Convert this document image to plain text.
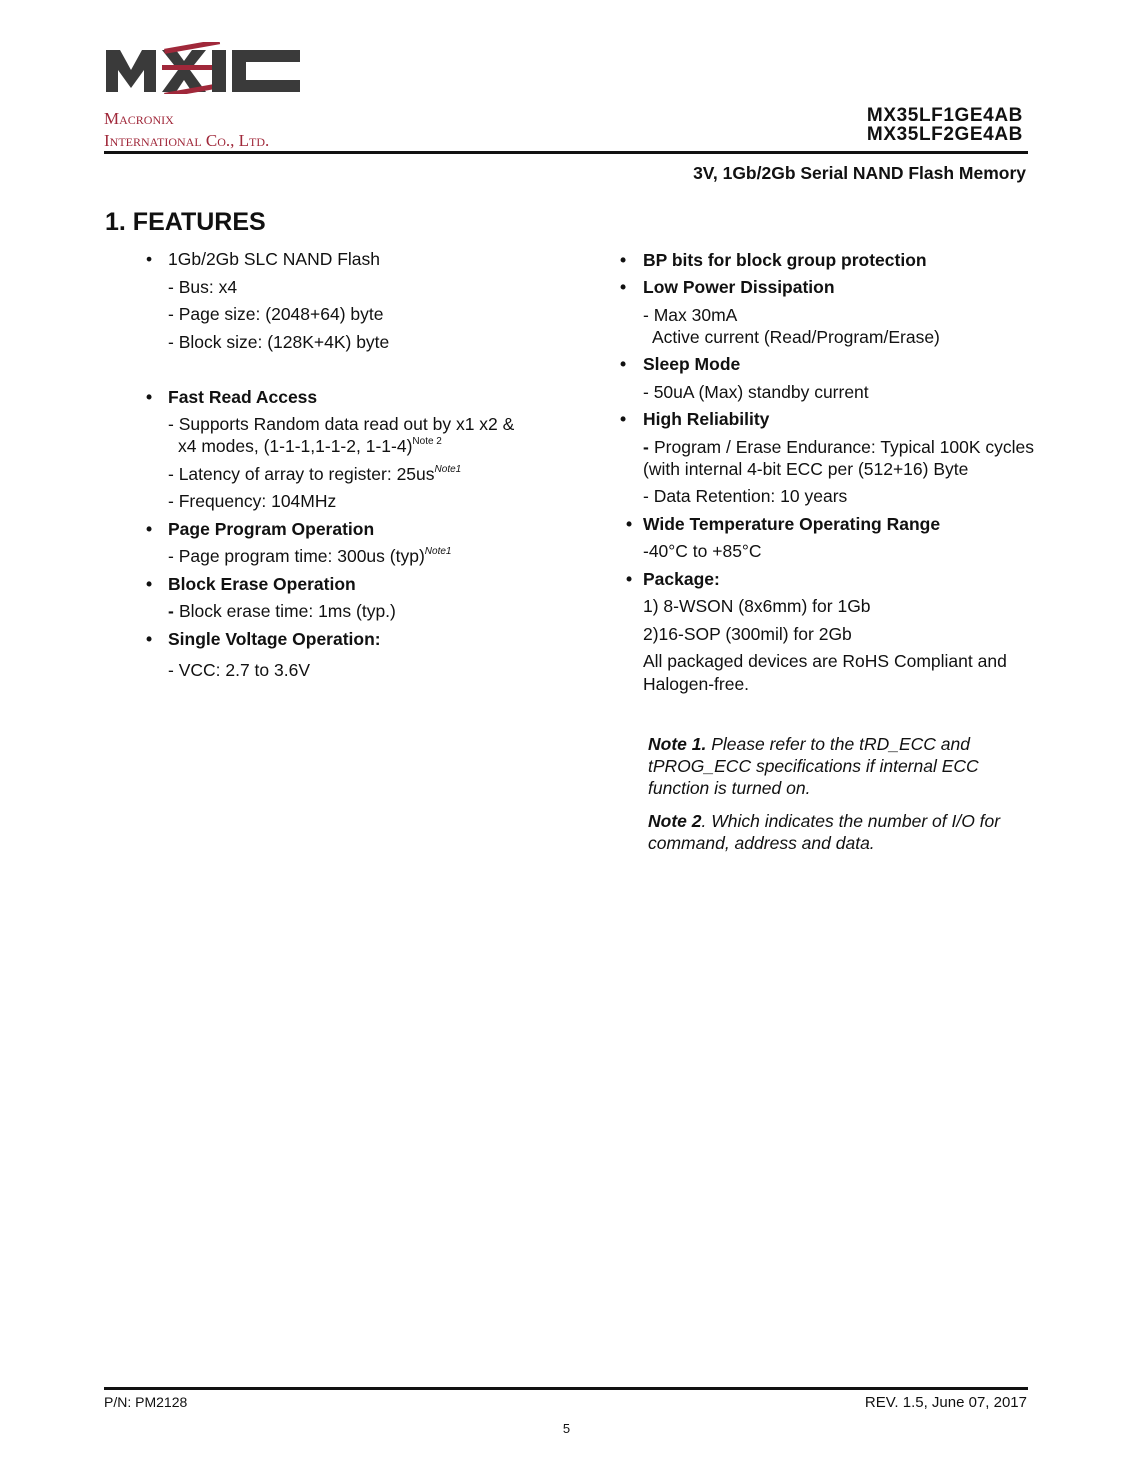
Macronix
International Co., Ltd.
MX35LF1GE4AB
MX35LF2GE4AB
3V, 1Gb/2Gb Serial NAND Flash Memory
1. FEATURES
• 1Gb/2Gb SLC NAND Flash
- Bus: x4
- Page size: (2048+64) byte
- Block size: (128K+4K) byte
• Fast Read Access
- Supports Random data read out by x1 x2 &
x4 modes, (1-1-1,1-1-2, 1-1-4)$^{Note 2}$
- Latency of array to register: $25us^{Note1}$
- Frequency: 104MHz
• Page Program Operation
- Page program time: 300us (typ)$^{Note1}$
• Block Erase Operation
- Block erase time: 1ms (typ.)
• Single Voltage Operation:
- VCC: 2.7 to 3.6V
• BP bits for block group protection
• Low Power Dissipation
- Max 30mA
Active current (Read/Program/Erase)
• Sleep Mode
- 50uA (Max) standby current
• High Reliability
- Program / Erase Endurance: Typical 100K cycles
(with internal 4-bit ECC per (512+16) Byte
- Data Retention: 10 years
• Wide Temperature Operating Range
-40°C to +85°C
• Package:
1) 8-WSON (8x6mm) for 1Gb
2)16-SOP (300mil) for 2Gb
All packaged devices are RoHS Compliant and
Halogen-free.

Note 1. Please refer to the tRD_ECC and tPROG_ECC specifications if internal ECC function is turned on.

Note 2. Which indicates the number of I/O for command, address and data.

P/N: PM2128	REV. 1.5, June 07, 2017
5
